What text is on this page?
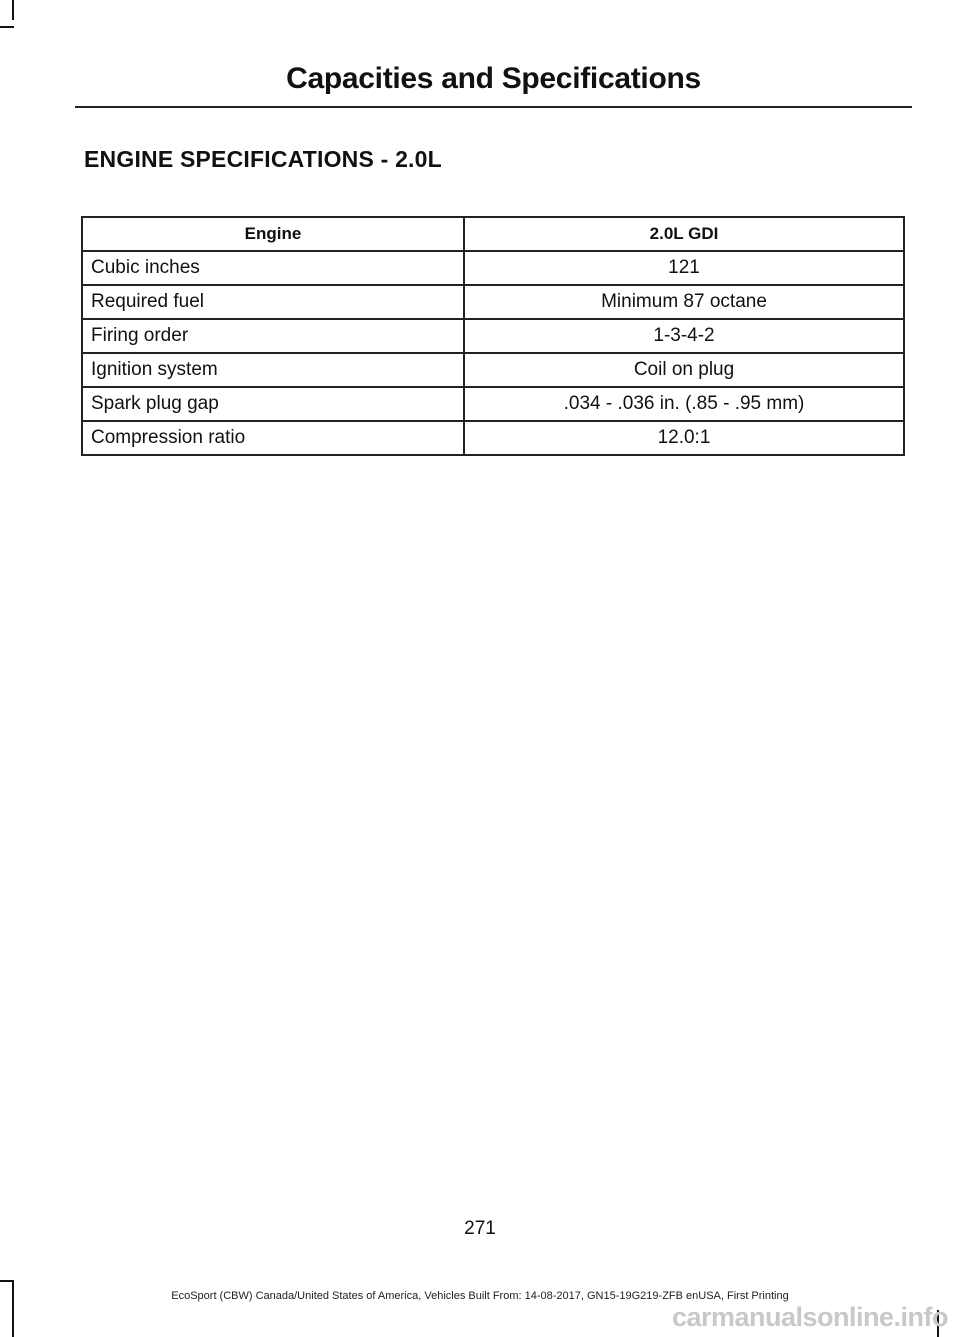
Capacities and Specifications
ENGINE SPECIFICATIONS - 2.0L
Engine	2.0L GDI
Cubic inches	121
Required fuel	Minimum 87 octane
Firing order	1-3-4-2
Ignition system	Coil on plug
Spark plug gap	.034 - .036 in. (.85 - .95 mm)
Compression ratio	12.0:1
271
EcoSport (CBW) Canada/United States of America, Vehicles Built From: 14-08-2017, GN15-19G219-ZFB enUSA, First Printing
carmanualsonline.info
